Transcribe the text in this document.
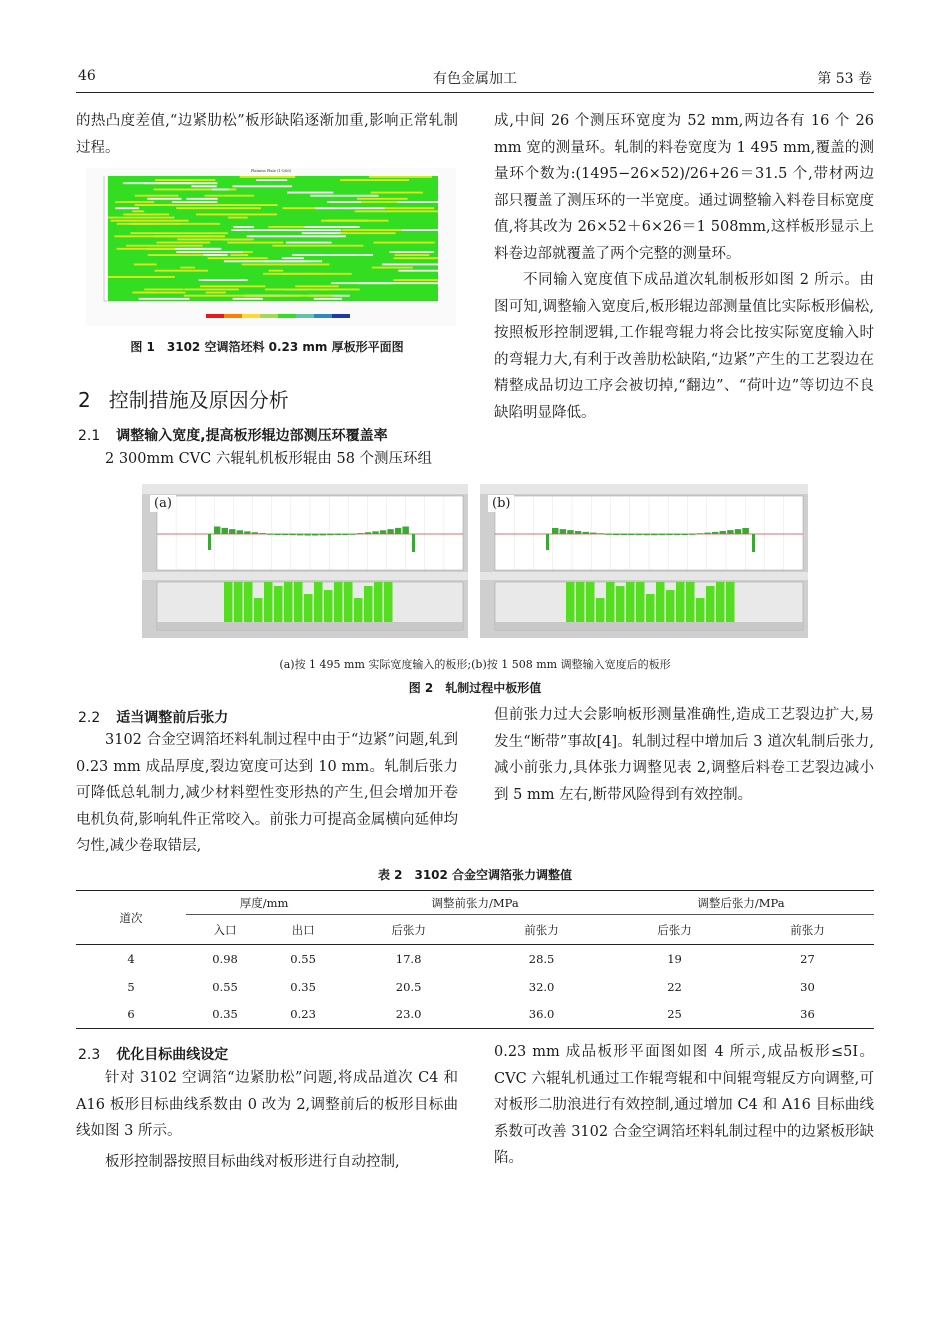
46	有色金属加工	第 53 卷

的热凸度差值,“边紧肋松”板形缺陷逐渐加重,影响正常轧制过程。

Flatness Plate (1-1/60)
图 1　3102 空调箔坯料 0.23 mm 厚板形平面图
2 控制措施及原因分析
2.1 调整输入宽度,提高板形辊边部测压环覆盖率

2 300mm CVC 六辊轧机板形辊由 58 个测压环组

成,中间 26 个测压环宽度为 52 mm,两边各有 16 个 26 mm 宽的测量环。轧制的料卷宽度为 1 495 mm,覆盖的测量环个数为:(1495−26×52)/26+26＝31.5 个,带材两边部只覆盖了测压环的一半宽度。通过调整输入料卷目标宽度值,将其改为 26×52＋6×26＝1 508mm,这样板形显示上料卷边部就覆盖了两个完整的测量环。

不同输入宽度值下成品道次轧制板形如图 2 所示。由图可知,调整输入宽度后,板形辊边部测量值比实际板形偏松,按照板形控制逻辑,工作辊弯辊力将会比按实际宽度输入时的弯辊力大,有利于改善肋松缺陷,“边紧”产生的工艺裂边在精整成品切边工序会被切掉,“翻边”、“荷叶边”等切边不良缺陷明显降低。

(a)	(b)
(a)按 1 495 mm 实际宽度输入的板形;(b)按 1 508 mm 调整输入宽度后的板形
图 2　轧制过程中板形值
2.2 适当调整前后张力

3102 合金空调箔坯料轧制过程中由于“边紧”问题,轧到 0.23 mm 成品厚度,裂边宽度可达到 10 mm。轧制后张力可降低总轧制力,减少材料塑性变形热的产生,但会增加开卷电机负荷,影响轧件正常咬入。前张力可提高金属横向延伸均匀性,减少卷取错层,

但前张力过大会影响板形测量准确性,造成工艺裂边扩大,易发生“断带”事故[4]。轧制过程中增加后 3 道次轧制后张力,减小前张力,具体张力调整见表 2,调整后料卷工艺裂边减小到 5 mm 左右,断带风险得到有效控制。

表 2　3102 合金空调箔张力调整值
道次	厚度/mm		调整前张力/MPa		调整后张力/MPa	
	入口	出口	后张力	前张力	后张力	前张力
4	0.98	0.55	17.8	28.5	19	27
5	0.55	0.35	20.5	32.0	22	30
6	0.35	0.23	23.0	36.0	25	36
2.3 优化目标曲线设定

针对 3102 空调箔“边紧肋松”问题,将成品道次 C4 和 A16 板形目标曲线系数由 0 改为 2,调整前后的板形目标曲线如图 3 所示。

板形控制器按照目标曲线对板形进行自动控制,

0.23 mm 成品板形平面图如图 4 所示,成品板形≤5I。CVC 六辊轧机通过工作辊弯辊和中间辊弯辊反方向调整,可对板形二肋浪进行有效控制,通过增加 C4 和 A16 目标曲线系数可改善 3102 合金空调箔坯料轧制过程中的边紧板形缺陷。
